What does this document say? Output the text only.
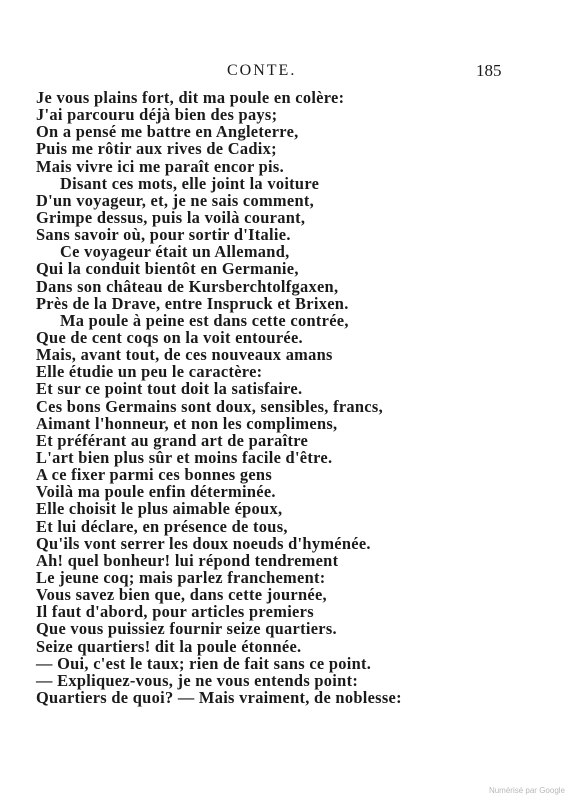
CONTE.	185
Je vous plains fort, dit ma poule en colère:
J'ai parcouru déjà bien des pays;
On a pensé me battre en Angleterre,
Puis me rôtir aux rives de Cadix;
Mais vivre ici me paraît encor pis.
Disant ces mots, elle joint la voiture
D'un voyageur, et, je ne sais comment,
Grimpe dessus, puis la voilà courant,
Sans savoir où, pour sortir d'Italie.
Ce voyageur était un Allemand,
Qui la conduit bientôt en Germanie,
Dans son château de Kursberchtolfgaxen,
Près de la Drave, entre Inspruck et Brixen.
Ma poule à peine est dans cette contrée,
Que de cent coqs on la voit entourée.
Mais, avant tout, de ces nouveaux amans
Elle étudie un peu le caractère:
Et sur ce point tout doit la satisfaire.
Ces bons Germains sont doux, sensibles, francs,
Aimant l'honneur, et non les complimens,
Et préférant au grand art de paraître
L'art bien plus sûr et moins facile d'être.
A ce fixer parmi ces bonnes gens
Voilà ma poule enfin déterminée.
Elle choisit le plus aimable époux,
Et lui déclare, en présence de tous,
Qu'ils vont serrer les doux noeuds d'hyménée.
Ah! quel bonheur! lui répond tendrement
Le jeune coq; mais parlez franchement:
Vous savez bien que, dans cette journée,
Il faut d'abord, pour articles premiers
Que vous puissiez fournir seize quartiers.
Seize quartiers! dit la poule étonnée.
— Oui, c'est le taux; rien de fait sans ce point.
— Expliquez-vous, je ne vous entends point:
Quartiers de quoi? — Mais vraiment, de noblesse:
Numérisé par Google
